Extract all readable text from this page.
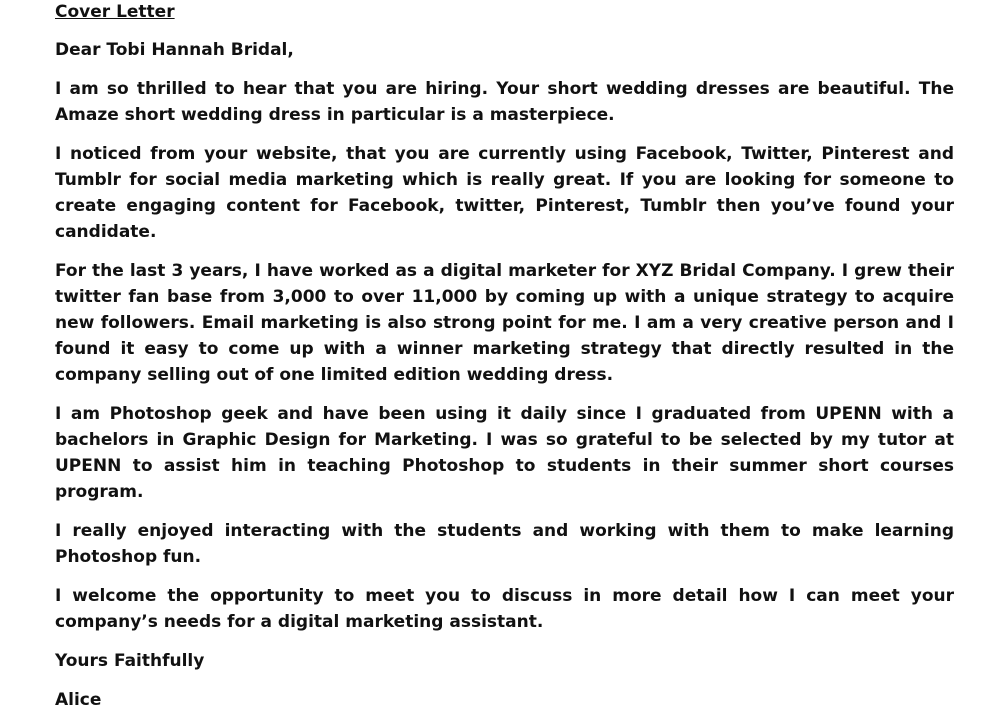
Cover Letter

Dear Tobi Hannah Bridal,

I am so thrilled to hear that you are hiring. Your short wedding dresses are beautiful. The Amaze short wedding dress in particular is a masterpiece.

I noticed from your website, that you are currently using Facebook, Twitter, Pinterest and Tumblr for social media marketing which is really great. If you are looking for someone to create engaging content for Facebook, twitter, Pinterest, Tumblr then you’ve found your candidate.

For the last 3 years, I have worked as a digital marketer for XYZ Bridal Company. I grew their twitter fan base from 3,000 to over 11,000 by coming up with a unique strategy to acquire new followers. Email marketing is also strong point for me. I am a very creative person and I found it easy to come up with a winner marketing strategy that directly resulted in the company selling out of one limited edition wedding dress.

I am Photoshop geek and have been using it daily since I graduated from UPENN with a bachelors in Graphic Design for Marketing. I was so grateful to be selected by my tutor at UPENN to assist him in teaching Photoshop to students in their summer short courses program.

I really enjoyed interacting with the students and working with them to make learning Photoshop fun.

I welcome the opportunity to meet you to discuss in more detail how I can meet your company’s needs for a digital marketing assistant.

Yours Faithfully

Alice
